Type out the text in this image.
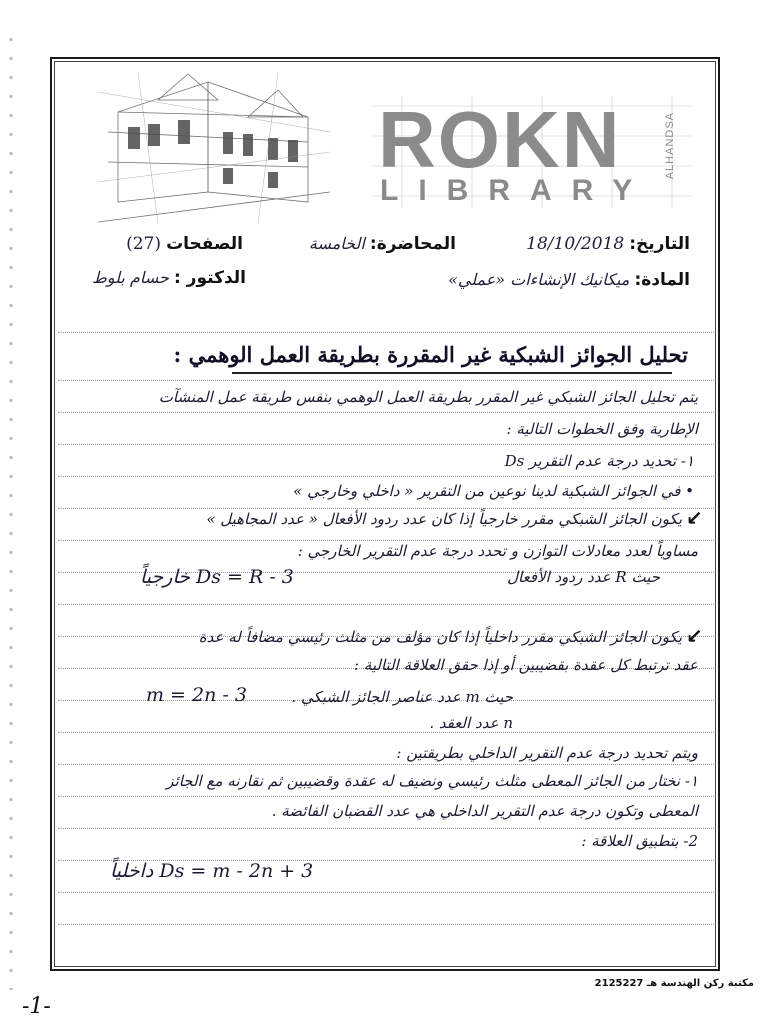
ROKN
LIBRARY
ALHANDSA
التاريخ: 18/10/2018
المحاضرة: الخامسة
الصفحات (27)
المادة: ميكانيك الإنشاءات «عملي»
الدكتور : حسام بلوط
تحليل الجوائز الشبكية غير المقررة بطريقة العمل الوهمي :
يتم تحليل الجائز الشبكي غير المقرر بطريقة العمل الوهمي بنفس طريقة عمل المنشآت
الإطارية وفق الخطوات التالية :
١- تحديد درجة عدم التقرير Ds
• في الجوائز الشبكية لدينا نوعين من التقرير « داخلي وخارجي »
↙
يكون الجائز الشبكي مقرر خارجياً إذا كان عدد ردود الأفعال « عدد المجاهيل »
مساوياً لعدد معادلات التوازن و تحدد درجة عدم التقرير الخارجي :
حيث R عدد ردود الأفعال
خارجياً Ds = R - 3
↙
يكون الجائز الشبكي مقرر داخلياً إذا كان مؤلف من مثلث رئيسي مضافاً له عدة
عقد ترتبط كل عقدة بقضيبين أو إذا حقق العلاقة التالية :
m = 2n - 3	حيث m عدد عناصر الجائز الشبكي .
n عدد العقد .
ويتم تحديد درجة عدم التقرير الداخلي بطريقتين :
١- نختار من الجائز المعطى مثلث رئيسي ونضيف له عقدة وقضيبين ثم نقارنه مع الجائز
المعطى وتكون درجة عدم التقرير الداخلي هي عدد القضبان الفائضة .
2- بتطبيق العلاقة :
داخلياً Ds = m - 2n + 3
-1-
مكتبة ركن الهندسة هـ 2125227
